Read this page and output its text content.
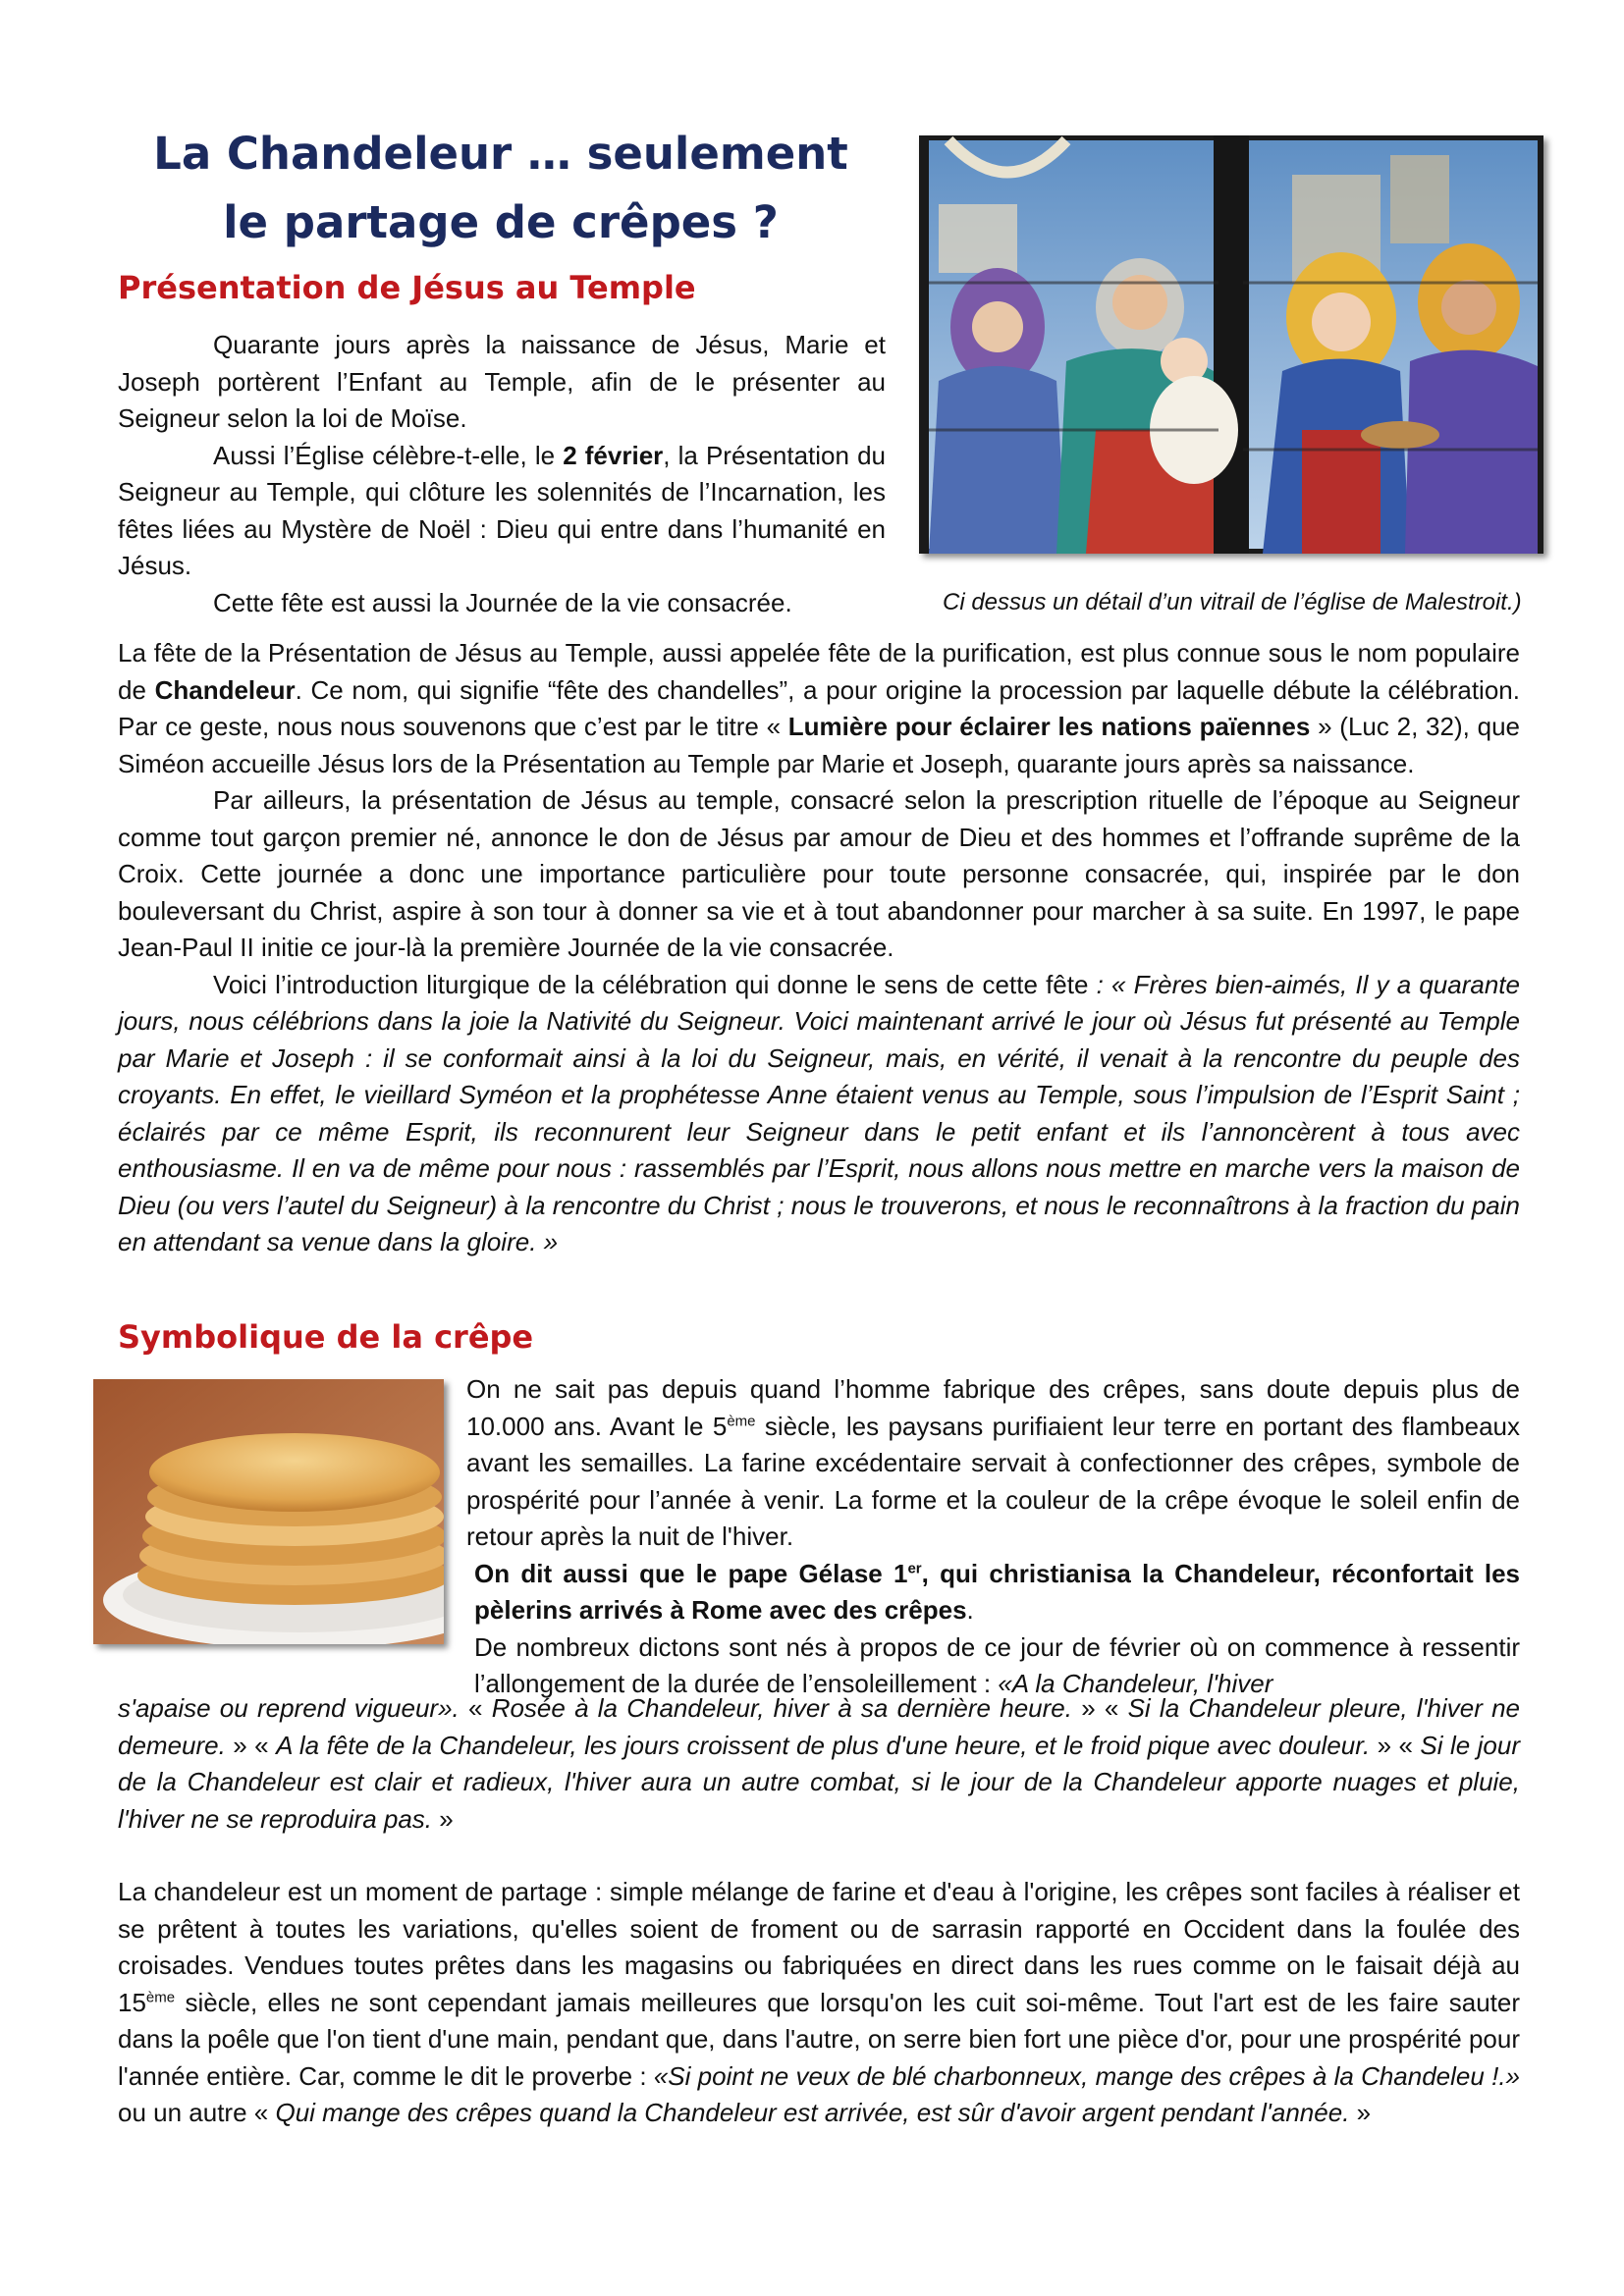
La Chandeleur … seulement
le partage de crêpes ?
Présentation de Jésus au Temple

Quarante jours après la naissance de Jésus, Marie et Joseph portèrent l’Enfant au Temple, afin de le présenter au Seigneur selon la loi de Moïse.

Aussi l’Église célèbre-t-elle, le 2 février, la Présentation du Seigneur au Temple, qui clôture les solennités de l’Incarnation, les fêtes liées au Mystère de Noël : Dieu qui entre dans l’humanité en Jésus.

Cette fête est aussi la Journée de la vie consacrée.	Ci dessus un détail d’un vitrail de l’église de Malestroit.)

La fête de la Présentation de Jésus au Temple, aussi appelée fête de la purification, est plus connue sous le nom populaire de Chandeleur. Ce nom, qui signifie “fête des chandelles”, a pour origine la procession par laquelle débute la célébration. Par ce geste, nous nous souvenons que c’est par le titre « Lumière pour éclairer les nations païennes » (Luc 2, 32), que Siméon accueille Jésus lors de la Présentation au Temple par Marie et Joseph, quarante jours après sa naissance.

Par ailleurs, la présentation de Jésus au temple, consacré selon la prescription rituelle de l’époque au Seigneur comme tout garçon premier né, annonce le don de Jésus par amour de Dieu et des hommes et l’offrande suprême de la Croix. Cette journée a donc une importance particulière pour toute personne consacrée, qui, inspirée par le don bouleversant du Christ, aspire à son tour à donner sa vie et à tout abandonner pour marcher à sa suite. En 1997, le pape Jean-Paul II initie ce jour-là la première Journée de la vie consacrée.

Voici l’introduction liturgique de la célébration qui donne le sens de cette fête : « Frères bien-aimés, Il y a quarante jours, nous célébrions dans la joie la Nativité du Seigneur. Voici maintenant arrivé le jour où Jésus fut présenté au Temple par Marie et Joseph : il se conformait ainsi à la loi du Seigneur, mais, en vérité, il venait à la rencontre du peuple des croyants. En effet, le vieillard Syméon et la prophétesse Anne étaient venus au Temple, sous l’impulsion de l’Esprit Saint ; éclairés par ce même Esprit, ils reconnurent leur Seigneur dans le petit enfant et ils l’annoncèrent à tous avec enthousiasme. Il en va de même pour nous : rassemblés par l’Esprit, nous allons nous mettre en marche vers la maison de Dieu (ou vers l’autel du Seigneur) à la rencontre du Christ ; nous le trouverons, et nous le reconnaîtrons à la fraction du pain en attendant sa venue dans la gloire. »

Symbolique de la crêpe

On ne sait pas depuis quand l’homme fabrique des crêpes, sans doute depuis plus de 10.000 ans. Avant le 5ème siècle, les paysans purifiaient leur terre en portant des flambeaux avant les semailles. La farine excédentaire servait à confectionner des crêpes, symbole de prospérité pour l’année à venir. La forme et la couleur de la crêpe évoque le soleil enfin de retour après la nuit de l'hiver.

On dit aussi que le pape Gélase 1er, qui christianisa la Chandeleur, réconfortait les pèlerins arrivés à Rome avec des crêpes.

De nombreux dictons sont nés à propos de ce jour de février où on commence à ressentir l’allongement de la durée de l’ensoleillement : «A la Chandeleur, l'hiver

s'apaise ou reprend vigueur». « Rosée à la Chandeleur, hiver à sa dernière heure. » « Si la Chandeleur pleure, l'hiver ne demeure. » « A la fête de la Chandeleur, les jours croissent de plus d'une heure, et le froid pique avec douleur. » « Si le jour de la Chandeleur est clair et radieux, l'hiver aura un autre combat, si le jour de la Chandeleur apporte nuages et pluie, l'hiver ne se reproduira pas. »

La chandeleur est un moment de partage : simple mélange de farine et d'eau à l'origine, les crêpes sont faciles à réaliser et se prêtent à toutes les variations, qu'elles soient de froment ou de sarrasin rapporté en Occident dans la foulée des croisades. Vendues toutes prêtes dans les magasins ou fabriquées en direct dans les rues comme on le faisait déjà au 15ème siècle, elles ne sont cependant jamais meilleures que lorsqu'on les cuit soi-même. Tout l'art est de les faire sauter dans la poêle que l'on tient d'une main, pendant que, dans l'autre, on serre bien fort une pièce d'or, pour une prospérité pour l'année entière. Car, comme le dit le proverbe : «Si point ne veux de blé charbonneux, mange des crêpes à la Chandeleu !.» ou un autre « Qui mange des crêpes quand la Chandeleur est arrivée, est sûr d'avoir argent pendant l'année. »
